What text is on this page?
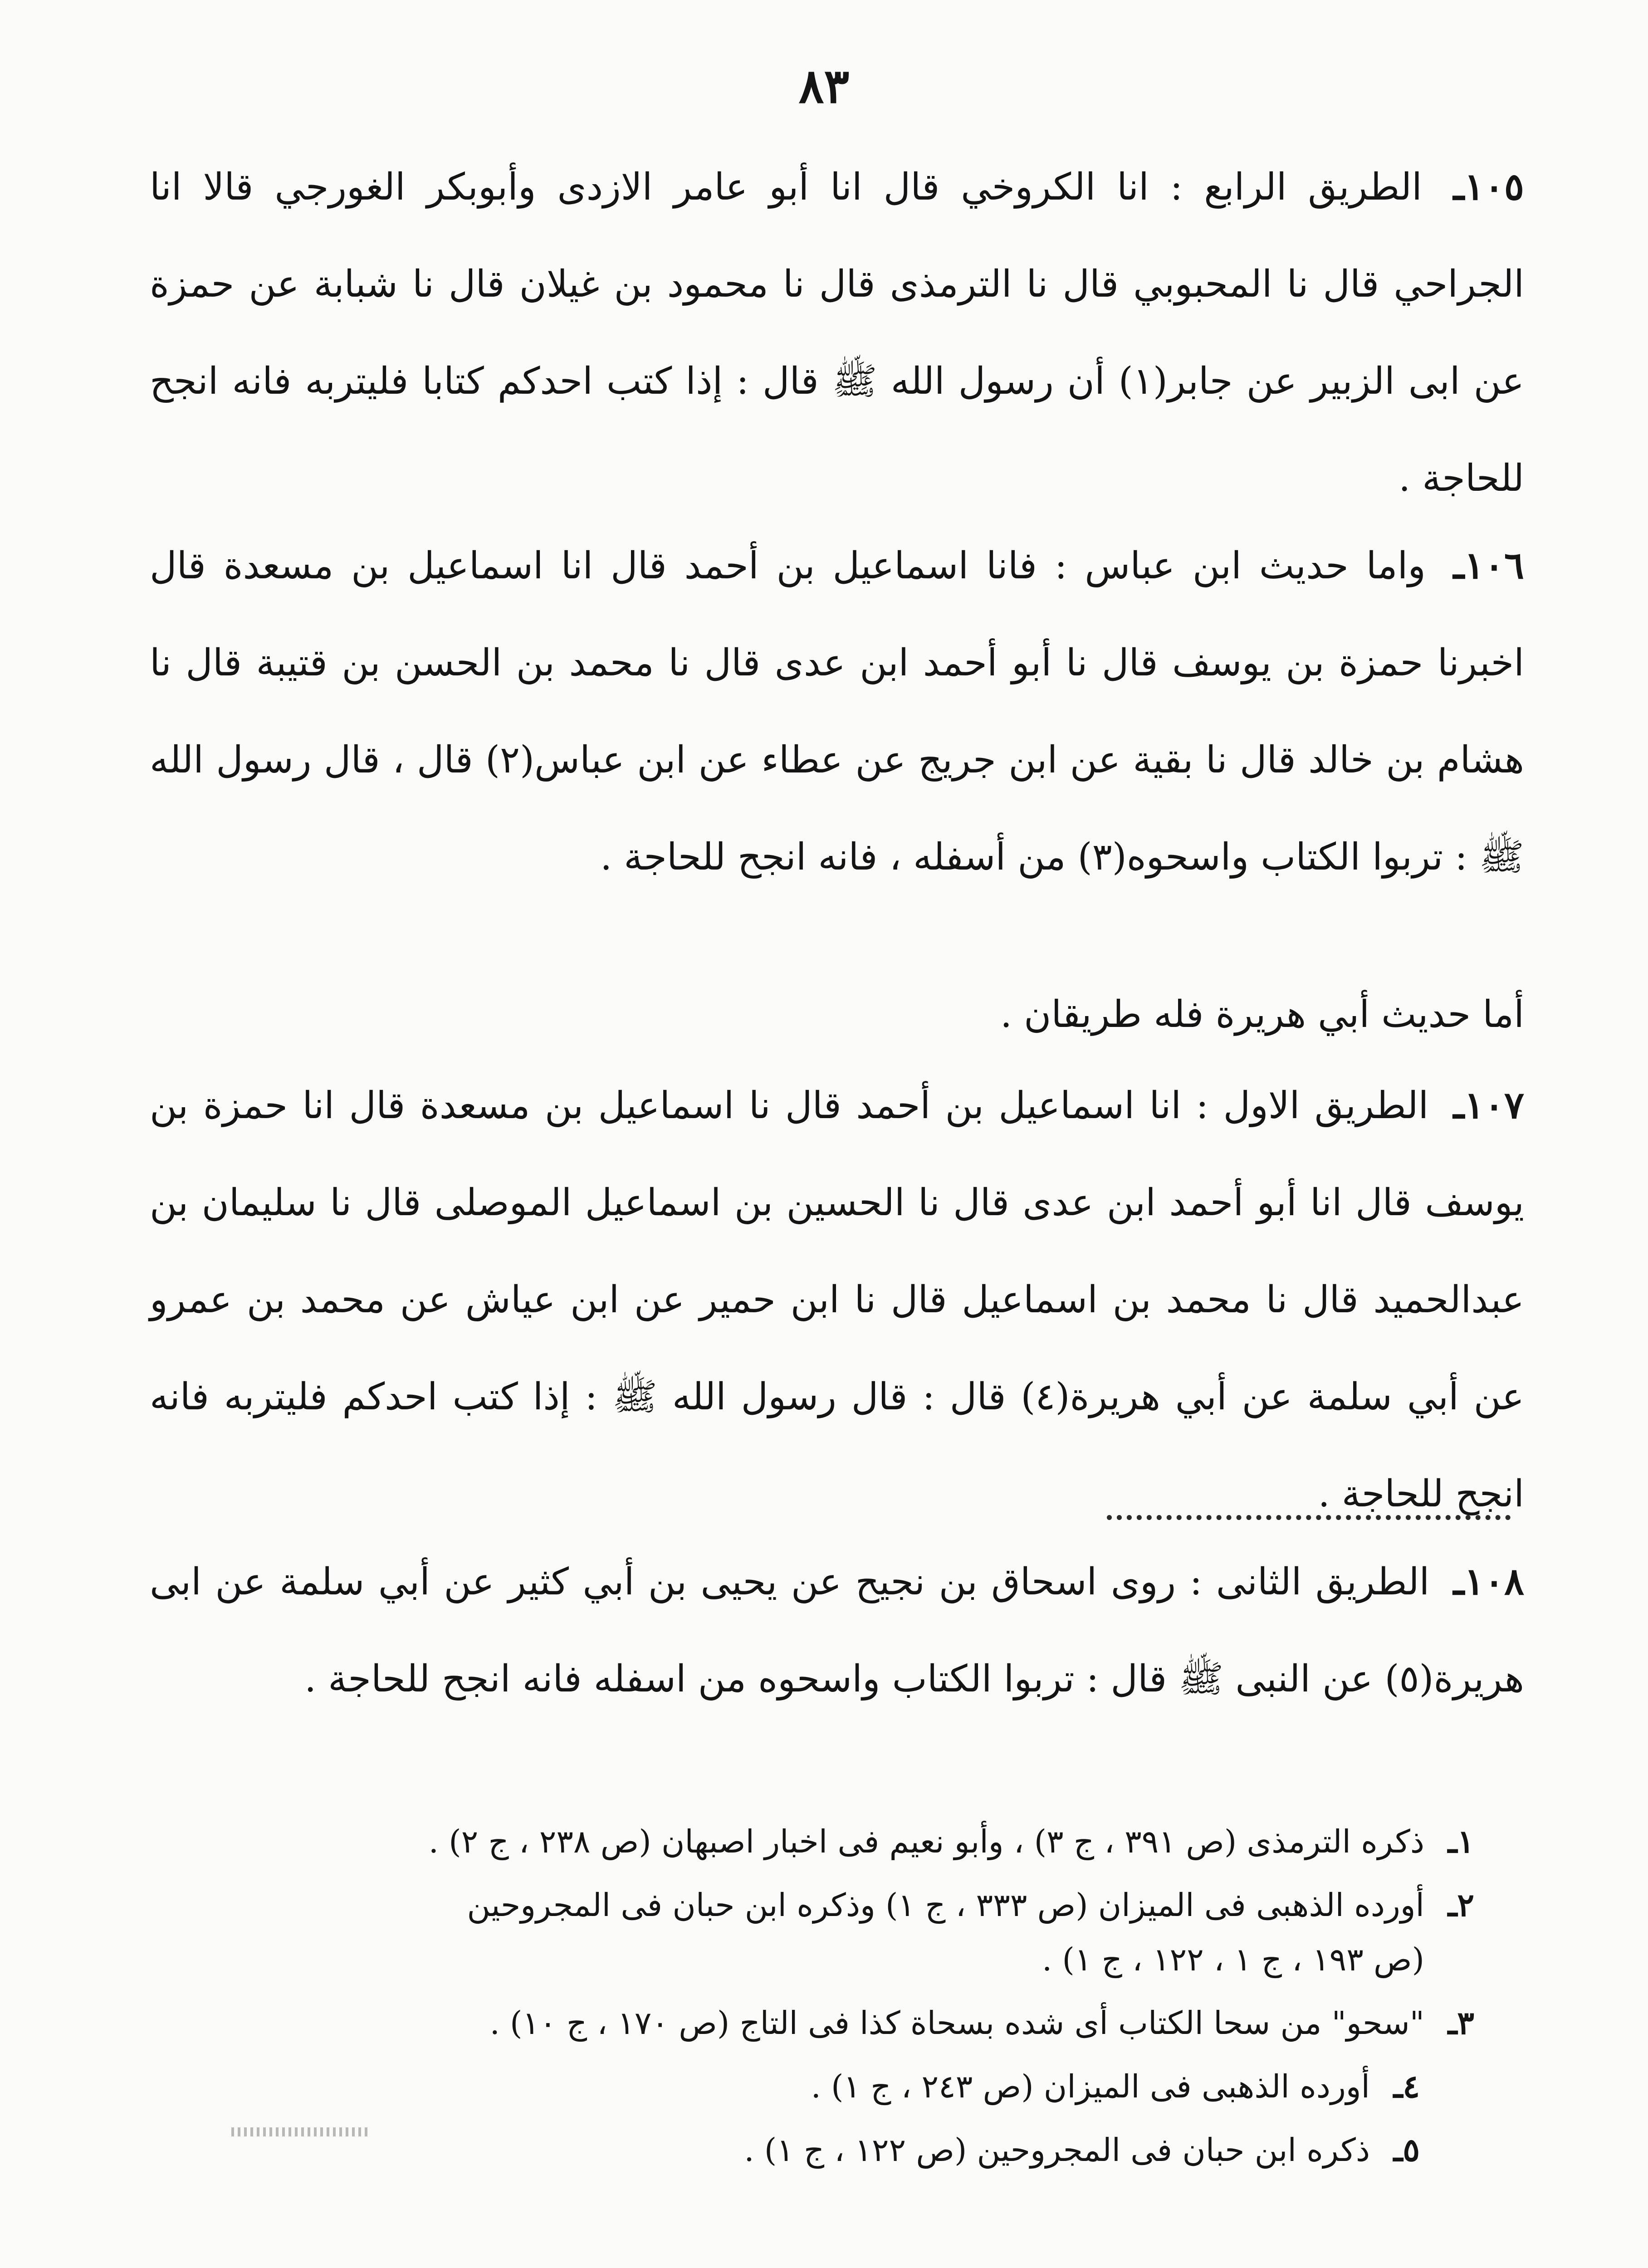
٨٣
١٠٥ـ الطريق الرابع : انا الكروخي قال انا أبو عامر الازدى وأبوبكر الغورجي قالا انا الجراحي قال نا المحبوبي قال نا الترمذى قال نا محمود بن غيلان قال نا شبابة عن حمزة عن ابى الزبير عن جابر(١) أن رسول الله ﷺ قال : إذا كتب احدكم كتابا فليتربه فانه انجح للحاجة .
١٠٦ـ واما حديث ابن عباس : فانا اسماعيل بن أحمد قال انا اسماعيل بن مسعدة قال اخبرنا حمزة بن يوسف قال نا أبو أحمد ابن عدى قال نا محمد بن الحسن بن قتيبة قال نا هشام بن خالد قال نا بقية عن ابن جريج عن عطاء عن ابن عباس(٢) قال ، قال رسول الله ﷺ : تربوا الكتاب واسحوه(٣) من أسفله ، فانه انجح للحاجة .
أما حديث أبي هريرة فله طريقان .
١٠٧ـ الطريق الاول : انا اسماعيل بن أحمد قال نا اسماعيل بن مسعدة قال انا حمزة بن يوسف قال انا أبو أحمد ابن عدى قال نا الحسين بن اسماعيل الموصلى قال نا سليمان بن عبدالحميد قال نا محمد بن اسماعيل قال نا ابن حمير عن ابن عياش عن محمد بن عمرو عن أبي سلمة عن أبي هريرة(٤) قال : قال رسول الله ﷺ : إذا كتب احدكم فليتربه فانه انجح للحاجة .
١٠٨ـ الطريق الثانى : روى اسحاق بن نجيح عن يحيى بن أبي كثير عن أبي سلمة عن ابى هريرة(٥) عن النبى ﷺ قال : تربوا الكتاب واسحوه من اسفله فانه انجح للحاجة .
١ـ
ذكره الترمذى (ص ٣٩١ ، ج ٣) ، وأبو نعيم فى اخبار اصبهان (ص ٢٣٨ ، ج ٢) .
٢ـ
أورده الذهبى فى الميزان (ص ٣٣٣ ، ج ١) وذكره ابن حبان فى المجروحين
(ص ١٩٣ ، ج ١ ، ١٢٢ ، ج ١) .
٣ـ
"سحو" من سحا الكتاب أى شده بسحاة كذا فى التاج (ص ١٧٠ ، ج ١٠) .
٤ـ
أورده الذهبى فى الميزان (ص ٢٤٣ ، ج ١) .
٥ـ
ذكره ابن حبان فى المجروحين (ص ١٢٢ ، ج ١) .
